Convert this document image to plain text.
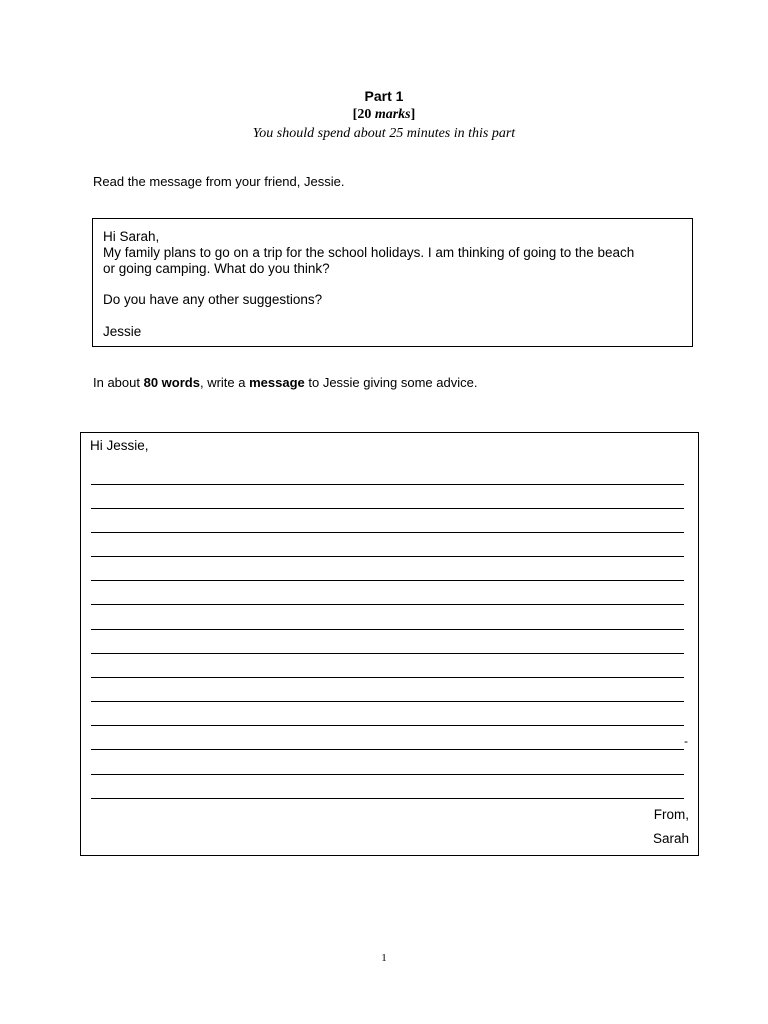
Part 1
[20 marks]
You should spend about 25 minutes in this part
Read the message from your friend, Jessie.
Hi Sarah,
My family plans to go on a trip for the school holidays. I am thinking of going to the beach
or going camping. What do you think?
Do you have any other suggestions?
Jessie
In about 80 words, write a message to Jessie giving some advice.
Hi Jessie,
-
From,
Sarah
1
